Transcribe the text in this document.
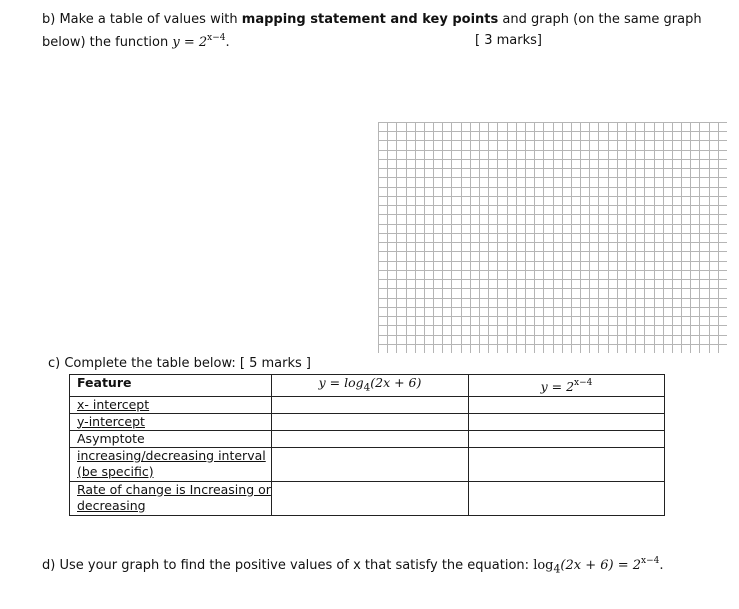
b) Make a table of values with mapping statement and key points and graph (on the same graph
below) the function $y = 2^{x-4}$.	[ 3 marks]
c) Complete the table below: [ 5 marks ]
Feature	$y = \log_4(2x + 6)$	$y = 2^{x-4}$
x- intercept		
y-intercept		
Asymptote		
increasing/decreasing interval (be specific)		
Rate of change is Increasing or decreasing		
d) Use your graph to find the positive values of x that satisfy the equation: $\log_4(2x + 6) = 2^{x-4}$.
